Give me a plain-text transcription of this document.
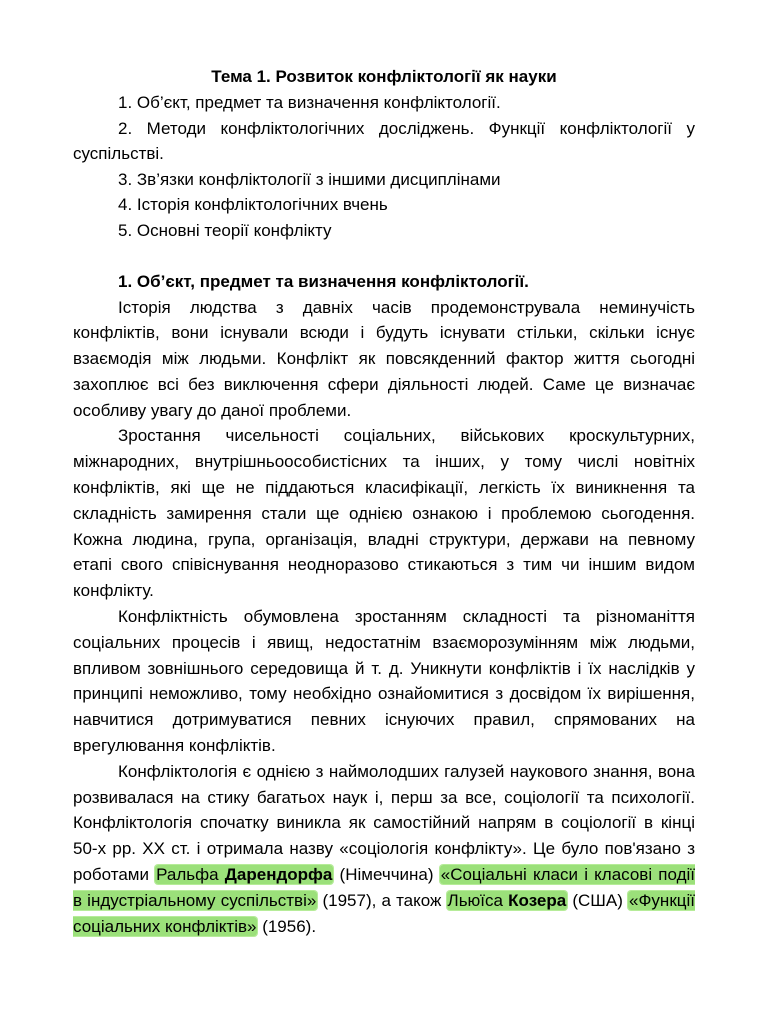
Тема 1. Розвиток конфліктології як науки

1. Об’єкт, предмет та визначення конфліктології.

2. Методи конфліктологічних досліджень. Функції конфліктології у суспільстві.

3. Зв’язки конфліктології з іншими дисциплінами

4. Історія конфліктологічних вчень

5. Основні теорії конфлікту

1. Об’єкт, предмет та визначення конфліктології.

Історія людства з давніх часів продемонструвала неминучість конфліктів, вони існували всюди і будуть існувати стільки, скільки існує взаємодія між людьми. Конфлікт як повсякденний фактор життя сьогодні захоплює всі без виключення сфери діяльності людей. Саме це визначає особливу увагу до даної проблеми.

Зростання чисельності соціальних, військових кроскультурних, міжнародних, внутрішньоособистісних та інших, у тому числі новітніх конфліктів, які ще не піддаються класифікації, легкість їх виникнення та складність замирення стали ще однією ознакою і проблемою сьогодення. Кожна людина, група, організація, владні структури, держави на певному етапі свого співіснування неодноразово стикаються з тим чи іншим видом конфлікту.

Конфліктність обумовлена зростанням складності та різноманіття соціальних процесів і явищ, недостатнім взаєморозумінням між людьми, впливом зовнішнього середовища й т. д. Уникнути конфліктів і їх наслідків у принципі неможливо, тому необхідно ознайомитися з досвідом їх вирішення, навчитися дотримуватися певних існуючих правил, спрямованих на врегулювання конфліктів.

Конфліктологія є однією з наймолодших галузей наукового знання, вона розвивалася на стику багатьох наук і, перш за все, соціології та психології. Конфліктологія спочатку виникла як самостійний напрям в соціології в кінці 50-х рр. XX ст. і отримала назву «соціологія конфлікту». Це було пов'язано з роботами Ральфа Дарендорфа (Німеччина) «Соціальні класи і класові події в індустріальному суспільстві» (1957), а також Льюїса Козера (США) «Функції соціальних конфліктів» (1956).
